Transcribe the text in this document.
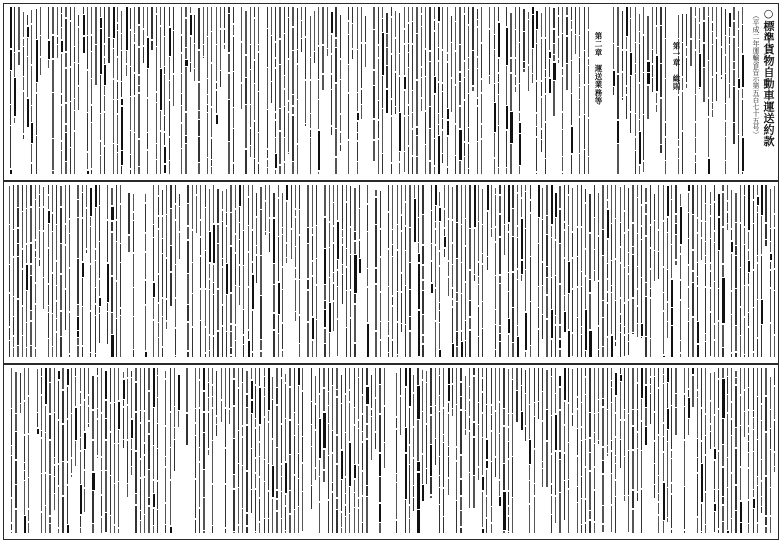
○標準貨物自動車運送約款
（平成二年運輸省告示第五百七十五号）
第一章　総則
第二章　運送業務等
